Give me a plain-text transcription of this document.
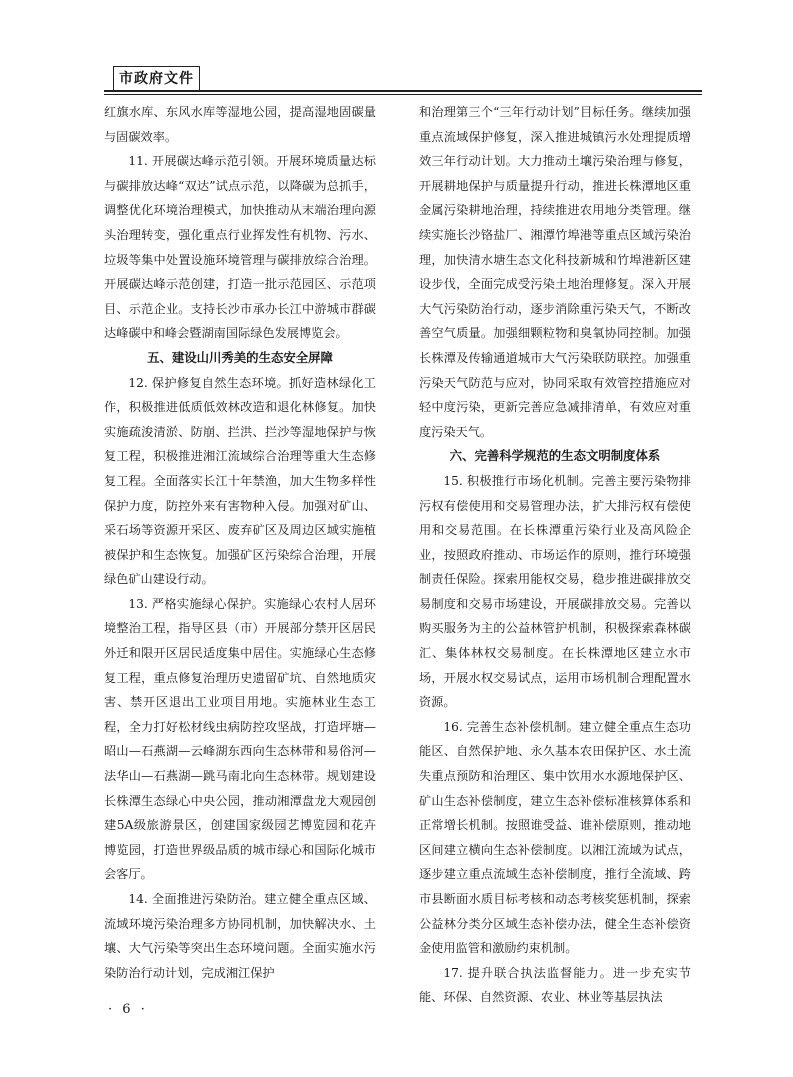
市政府文件

红旗水库、东风水库等湿地公园，提高湿地固碳量与固碳效率。

11. 开展碳达峰示范引领。开展环境质量达标与碳排放达峰“双达”试点示范，以降碳为总抓手，调整优化环境治理模式，加快推动从末端治理向源头治理转变，强化重点行业挥发性有机物、污水、垃圾等集中处置设施环境管理与碳排放综合治理。开展碳达峰示范创建，打造一批示范园区、示范项目、示范企业。支持长沙市承办长江中游城市群碳达峰碳中和峰会暨湖南国际绿色发展博览会。

五、建设山川秀美的生态安全屏障

12. 保护修复自然生态环境。抓好造林绿化工作，积极推进低质低效林改造和退化林修复。加快实施疏浚清淤、防崩、拦洪、拦沙等湿地保护与恢复工程，积极推进湘江流域综合治理等重大生态修复工程。全面落实长江十年禁渔，加大生物多样性保护力度，防控外来有害物种入侵。加强对矿山、采石场等资源开采区、废弃矿区及周边区域实施植被保护和生态恢复。加强矿区污染综合治理，开展绿色矿山建设行动。

13. 严格实施绿心保护。实施绿心农村人居环境整治工程，指导区县（市）开展部分禁开区居民外迁和限开区居民适度集中居住。实施绿心生态修复工程，重点修复治理历史遗留矿坑、自然地质灾害、禁开区退出工业项目用地。实施林业生态工程，全力打好松材线虫病防控攻坚战，打造坪塘—昭山—石燕湖—云峰湖东西向生态林带和易俗河—法华山—石燕湖—跳马南北向生态林带。规划建设长株潭生态绿心中央公园，推动湘潭盘龙大观园创建5A级旅游景区，创建国家级园艺博览园和花卉博览园，打造世界级品质的城市绿心和国际化城市会客厅。

14. 全面推进污染防治。建立健全重点区域、流域环境污染治理多方协同机制，加快解决水、土壤、大气污染等突出生态环境问题。全面实施水污染防治行动计划，完成湘江保护

和治理第三个“三年行动计划”目标任务。继续加强重点流域保护修复，深入推进城镇污水处理提质增效三年行动计划。大力推动土壤污染治理与修复，开展耕地保护与质量提升行动，推进长株潭地区重金属污染耕地治理，持续推进农用地分类管理。继续实施长沙铬盐厂、湘潭竹埠港等重点区域污染治理，加快清水塘生态文化科技新城和竹埠港新区建设步伐，全面完成受污染土地治理修复。深入开展大气污染防治行动，逐步消除重污染天气，不断改善空气质量。加强细颗粒物和臭氧协同控制。加强长株潭及传输通道城市大气污染联防联控。加强重污染天气防范与应对，协同采取有效管控措施应对轻中度污染，更新完善应急减排清单，有效应对重度污染天气。

六、完善科学规范的生态文明制度体系

15. 积极推行市场化机制。完善主要污染物排污权有偿使用和交易管理办法，扩大排污权有偿使用和交易范围。在长株潭重污染行业及高风险企业，按照政府推动、市场运作的原则，推行环境强制责任保险。探索用能权交易，稳步推进碳排放交易制度和交易市场建设，开展碳排放交易。完善以购买服务为主的公益林管护机制，积极探索森林碳汇、集体林权交易制度。在长株潭地区建立水市场，开展水权交易试点，运用市场机制合理配置水资源。

16. 完善生态补偿机制。建立健全重点生态功能区、自然保护地、永久基本农田保护区、水土流失重点预防和治理区、集中饮用水水源地保护区、矿山生态补偿制度，建立生态补偿标准核算体系和正常增长机制。按照谁受益、谁补偿原则，推动地区间建立横向生态补偿制度。以湘江流域为试点，逐步建立重点流域生态补偿制度，推行全流域、跨市县断面水质目标考核和动态考核奖惩机制，探索公益林分类分区域生态补偿办法，健全生态补偿资金使用监管和激励约束机制。

17. 提升联合执法监督能力。进一步充实节能、环保、自然资源、农业、林业等基层执法

· 6 ·
